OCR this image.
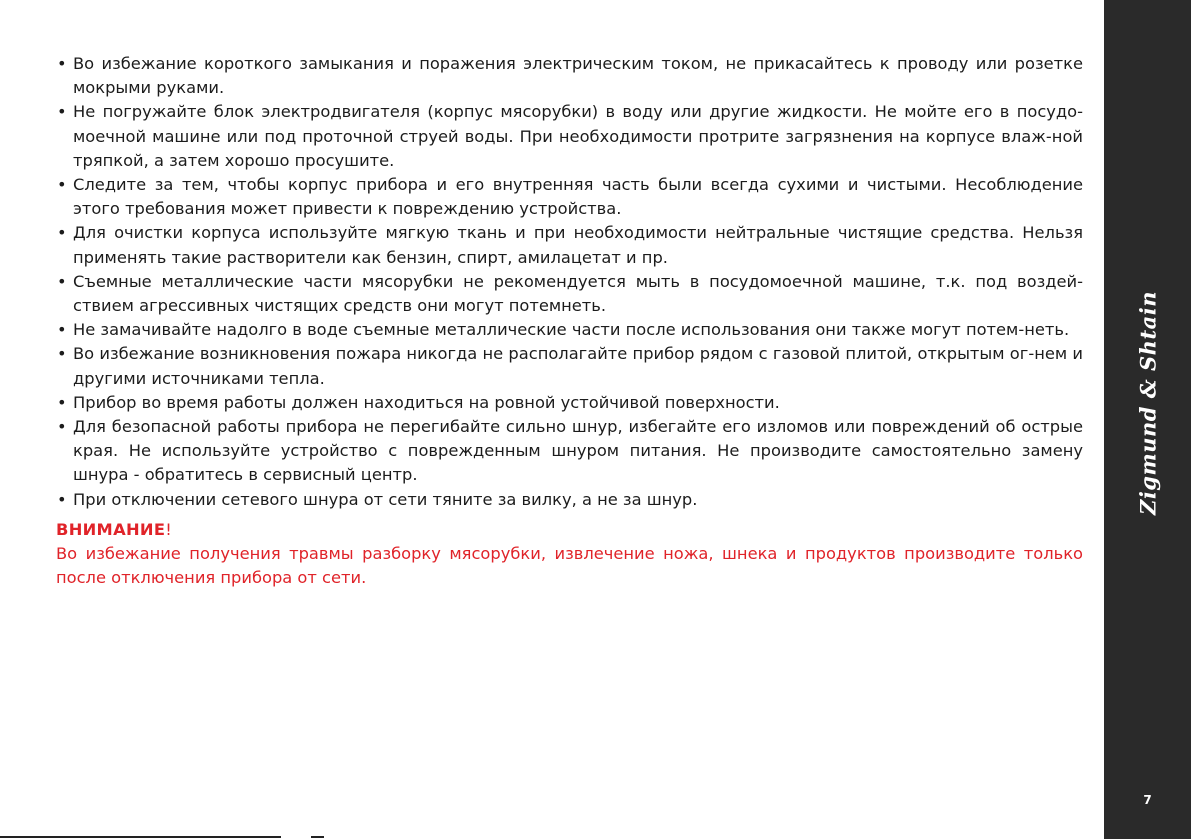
• Во избежание короткого замыкания и поражения электрическим током, не прикасайтесь к проводу или розетке мокрыми руками.
• Не погружайте блок электродвигателя (корпус мясорубки) в воду или другие жидкости. Не мойте его в посудо-моечной машине или под проточной струей воды. При необходимости протрите загрязнения на корпусе влаж-ной тряпкой, а затем хорошо просушите.
• Следите за тем, чтобы корпус прибора и его внутренняя часть были всегда сухими и чистыми. Несоблюдение этого требования может привести к повреждению устройства.
• Для очистки корпуса используйте мягкую ткань и при необходимости нейтральные чистящие средства. Нельзя применять такие растворители как бензин, спирт, амилацетат и пр.
• Съемные металлические части мясорубки не рекомендуется мыть в посудомоечной машине, т.к. под воздей-ствием агрессивных чистящих средств они могут потемнеть.
• Не замачивайте надолго в воде съемные металлические части после использования они также могут потем-неть.
• Во избежание возникновения пожара никогда не располагайте прибор рядом с газовой плитой, открытым ог-нем и другими источниками тепла.
• Прибор во время работы должен находиться на ровной устойчивой поверхности.
• Для безопасной работы прибора не перегибайте сильно шнур, избегайте его изломов или повреждений об острые края. Не используйте устройство с поврежденным шнуром питания. Не производите самостоятельно замену шнура - обратитесь в сервисный центр.
• При отключении сетевого шнура от сети тяните за вилку, а не за шнур.
ВНИМАНИЕ!
Во избежание получения травмы разборку мясорубки, извлечение ножа, шнека и продуктов производите только после отключения прибора от сети.
Zigmund & Shtain
7
